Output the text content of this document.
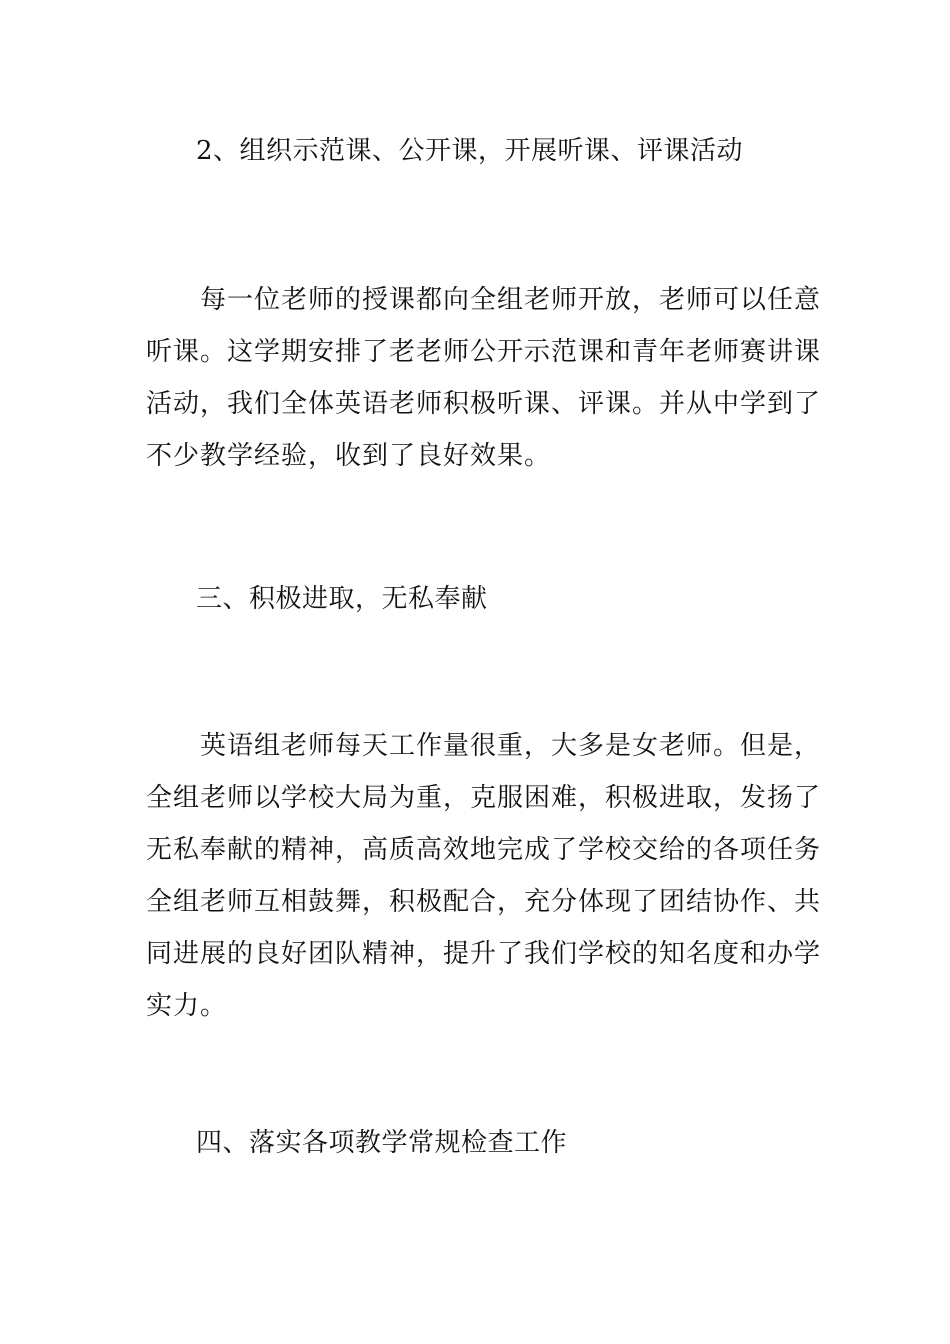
2、组织示范课、公开课，开展听课、评课活动
每一位老师的授课都向全组老师开放，老师可以任意
听课。这学期安排了老老师公开示范课和青年老师赛讲课
活动，我们全体英语老师积极听课、评课。并从中学到了
不少教学经验，收到了良好效果。
三、积极进取，无私奉献
英语组老师每天工作量很重，大多是女老师。但是，
全组老师以学校大局为重，克服困难，积极进取，发扬了
无私奉献的精神，高质高效地完成了学校交给的各项任务
全组老师互相鼓舞，积极配合，充分体现了团结协作、共
同进展的良好团队精神，提升了我们学校的知名度和办学
实力。
四、落实各项教学常规检查工作
